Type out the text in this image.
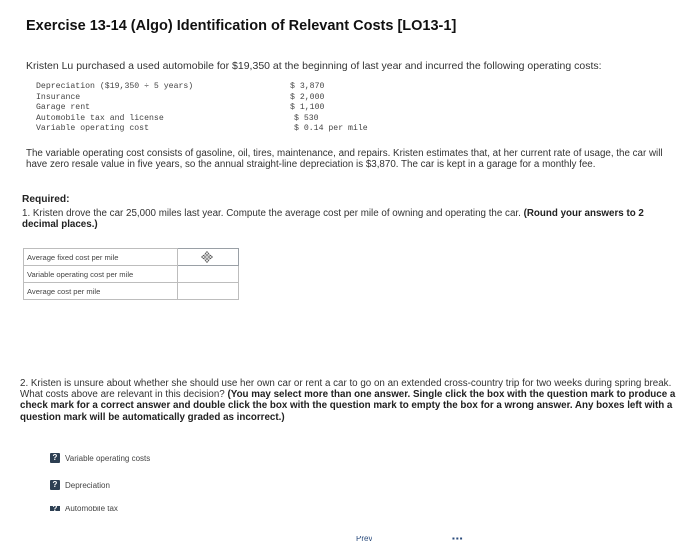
Exercise 13-14 (Algo) Identification of Relevant Costs [LO13-1]
Kristen Lu purchased a used automobile for $19,350 at the beginning of last year and incurred the following operating costs:
Depreciation ($19,350 ÷ 5 years)	$ 3,870
Insurance	$ 2,000
Garage rent	$ 1,100
Automobile tax and license	$ 530
Variable operating cost	$ 0.14 per mile
The variable operating cost consists of gasoline, oil, tires, maintenance, and repairs. Kristen estimates that, at her current rate of usage, the car will have zero resale value in five years, so the annual straight-line depreciation is $3,870. The car is kept in a garage for a monthly fee.
Required:
1. Kristen drove the car 25,000 miles last year. Compute the average cost per mile of owning and operating the car. (Round your answers to 2 decimal places.)
Average fixed cost per mile	

Variable operating cost per mile	
Average cost per mile	
2. Kristen is unsure about whether she should use her own car or rent a car to go on an extended cross-country trip for two weeks during spring break. What costs above are relevant in this decision? (You may select more than one answer. Single click the box with the question mark to produce a check mark for a correct answer and double click the box with the question mark to empty the box for a wrong answer. Any boxes left with a question mark will be automatically graded as incorrect.)
? Variable operating costs
? Depreciation
? Automobile tax
Prev	▪▪▪
